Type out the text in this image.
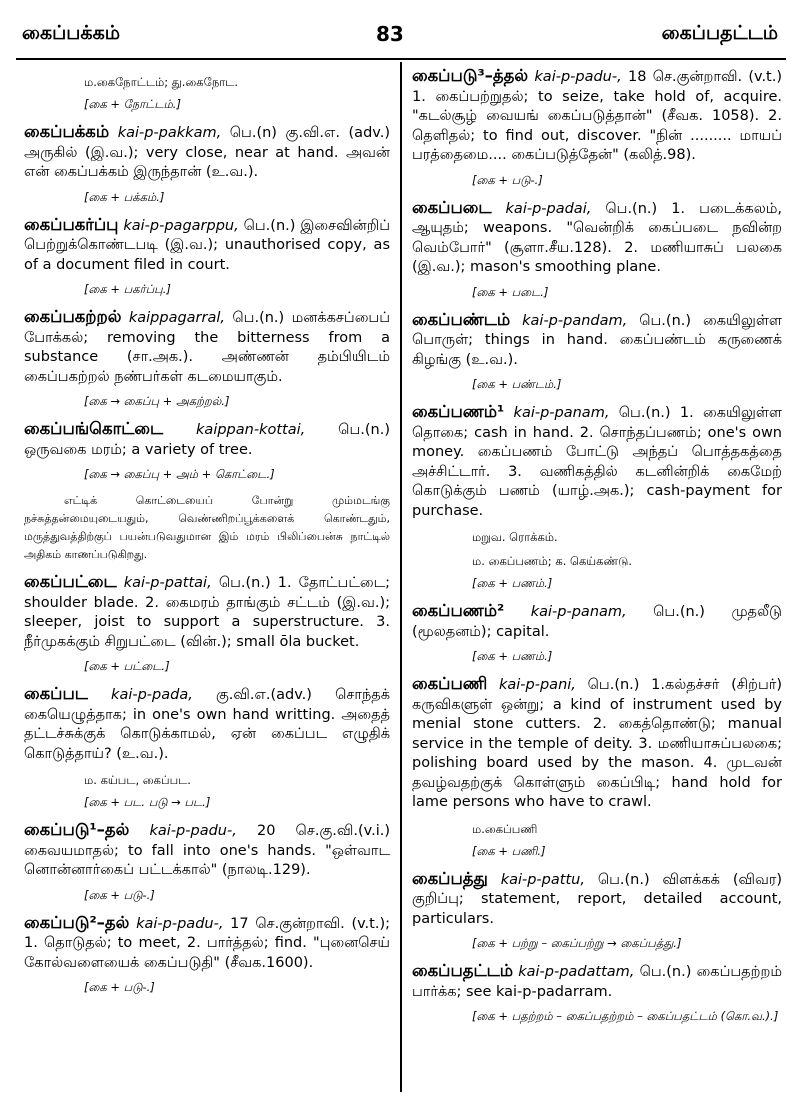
கைப்பக்கம்	83	கைப்பதட்டம்
ம.கைநோட்டம்; து.கைநோட.
[கை + நோட்டம்.]
கைப்பக்கம் kai-p-pakkam, பெ.(n) கு.வி.எ. (adv.) அருகில் (இ.வ.); very close, near at hand. அவன் என் கைப்பக்கம் இருந்தான் (உ.வ.).
[கை + பக்கம்.]
கைப்பகர்ப்பு kai-p-pagarppu, பெ.(n.) இசைவின்றிப் பெற்றுக்கொண்டபடி (இ.வ.); unauthorised copy, as of a document filed in court.
[கை + பகர்ப்பு.]
கைப்பகற்றல் kaippagarral, பெ.(n.) மனக்கசப்பைப் போக்கல்; removing the bitterness from a substance (சா.அக.). அண்ணன் தம்பியிடம் கைப்பகற்றல் நண்பர்கள் கடமையாகும்.
[கை → கைப்பு + அகற்றல்.]
கைப்பங்கொட்டை kaippan-kottai, பெ.(n.) ஒருவகை மரம்; a variety of tree.
[கை → கைப்பு + அம் + கொட்டை.]
எட்டிக் கொட்டையைப் போன்று மும்மடங்கு நச்சுத்தன்மையுடையதும், வெண்ணிறப்பூக்களைக் கொண்டதும், மருத்துவத்திற்குப் பயன்படுவதுமான இம் மரம் பிலிப்பைன்சு நாட்டில் அதிகம் காணப்படுகிறது.
கைப்பட்டை kai-p-pattai, பெ.(n.) 1. தோட்பட்டை; shoulder blade. 2. கைமரம் தாங்கும் சட்டம் (இ.வ.); sleeper, joist to support a superstructure. 3. நீர்முகக்கும் சிறுபட்டை (வின்.); small ōla bucket.
[கை + பட்டை.]
கைப்பட kai-p-pada, கு.வி.எ.(adv.) சொந்தக் கையெழுத்தாக; in one's own hand writting. அதைத் தட்டச்சுக்குக் கொடுக்காமல், ஏன் கைப்பட எழுதிக் கொடுத்தாய்? (உ.வ.).
ம. கய்பட, கைப்பட.
[கை + பட. படு → பட.]
கைப்படு¹–தல் kai-p-padu-, 20 செ.கு.வி.(v.i.) கைவயமாதல்; to fall into one's hands. "ஒள்வாட னொன்னார்கைப் பட்டக்கால்" (நாலடி.129).
[கை + படு-.]
கைப்படு²–தல் kai-p-padu-, 17 செ.குன்றாவி. (v.t.); 1. தொடுதல்; to meet, 2. பார்த்தல்; find. "புனைசெய் கோல்வளையைக் கைப்படுதி" (சீவக.1600).
[கை + படு-.]
கைப்படு³–த்தல் kai-p-padu-, 18 செ.குன்றாவி. (v.t.) 1. கைப்பற்றுதல்; to seize, take hold of, acquire. "கடல்சூழ் வையங் கைப்படுத்தான்" (சீவக. 1058). 2. தெளிதல்; to find out, discover. "நின் ......... மாயப் பரத்தைமை.... கைப்படுத்தேன்" (கலித்.98).
[கை + படு-.]
கைப்படை kai-p-padai, பெ.(n.) 1. படைக்கலம், ஆயுதம்; weapons. "வென்றிக் கைப்படை நவின்ற வெம்போர்" (சூளா.சீய.128). 2. மணியாசுப் பலகை (இ.வ.); mason's smoothing plane.
[கை + படை.]
கைப்பண்டம் kai-p-pandam, பெ.(n.) கையிலுள்ள பொருள்; things in hand. கைப்பண்டம் கருணைக் கிழங்கு (உ.வ.).
[கை + பண்டம்.]
கைப்பணம்¹ kai-p-panam, பெ.(n.) 1. கையிலுள்ள தொகை; cash in hand. 2. சொந்தப்பணம்; one's own money. கைப்பணம் போட்டு அந்தப் பொத்தகத்தை அச்சிட்டார். 3. வணிகத்தில் கடனின்றிக் கைமேற் கொடுக்கும் பணம் (யாழ்.அக.); cash-payment for purchase.
மறுவ. ரொக்கம்.
ம. கைப்பணம்; க. கெய்கண்டு.
[கை + பணம்.]
கைப்பணம்² kai-p-panam, பெ.(n.) முதலீடு (மூலதனம்); capital.
[கை + பணம்.]
கைப்பணி kai-p-pani, பெ.(n.) 1.கல்தச்சர் (சிற்பர்) கருவிகளுள் ஒன்று; a kind of instrument used by menial stone cutters. 2. கைத்தொண்டு; manual service in the temple of deity. 3. மணியாசுப்பலகை; polishing board used by the mason. 4. முடவன் தவழ்வதற்குக் கொள்ளும் கைப்பிடி; hand hold for lame persons who have to crawl.
ம.கைப்பணி
[கை + பணி.]
கைப்பத்து kai-p-pattu, பெ.(n.) விளக்கக் (விவர) குறிப்பு; statement, report, detailed account, particulars.
[கை + பற்று – கைப்பற்று → கைப்பத்து.]
கைப்பதட்டம் kai-p-padattam, பெ.(n.) கைப்பதற்றம் பார்க்க; see kai-p-padarram.
[கை + பதற்றம் – கைப்பதற்றம் – கைப்பதட்டம் (கொ.வ.).]
